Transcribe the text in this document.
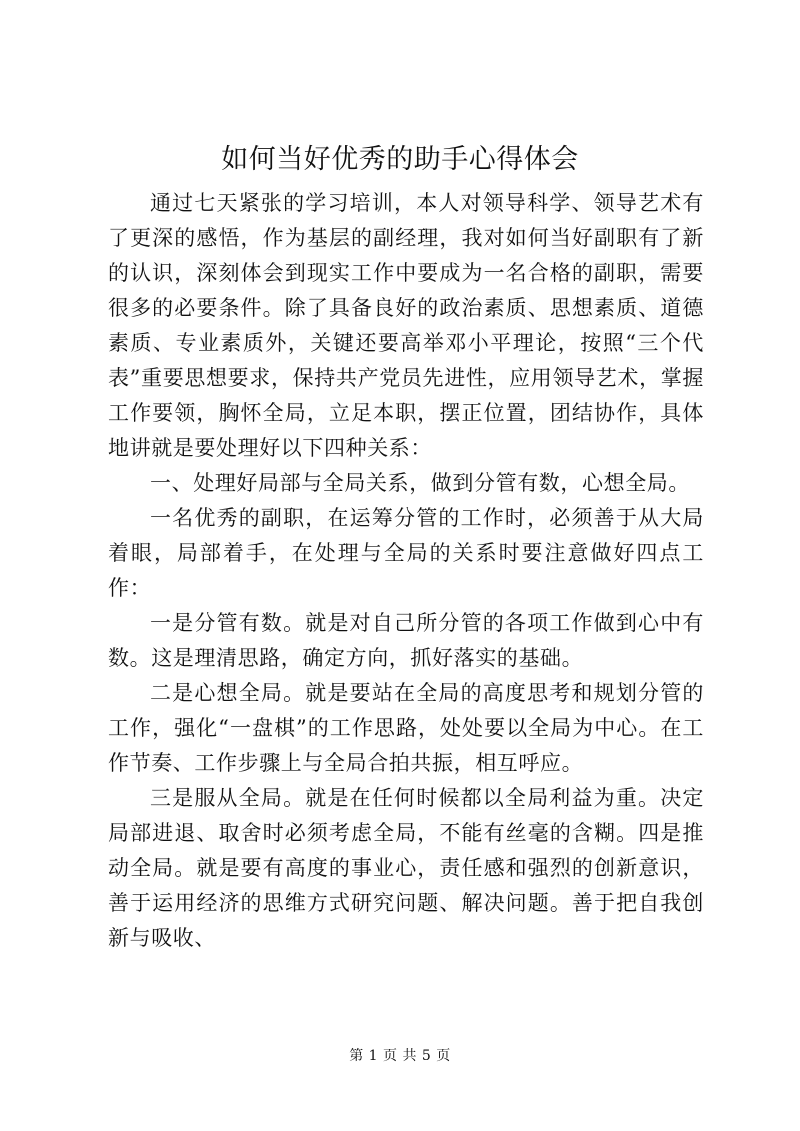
如何当好优秀的助手心得体会

通过七天紧张的学习培训，本人对领导科学、领导艺术有了更深的感悟，作为基层的副经理，我对如何当好副职有了新的认识，深刻体会到现实工作中要成为一名合格的副职，需要很多的必要条件。除了具备良好的政治素质、思想素质、道德素质、专业素质外，关键还要高举邓小平理论，按照“三个代表”重要思想要求，保持共产党员先进性，应用领导艺术，掌握工作要领，胸怀全局，立足本职，摆正位置，团结协作，具体地讲就是要处理好以下四种关系：

一、处理好局部与全局关系，做到分管有数，心想全局。

一名优秀的副职，在运筹分管的工作时，必须善于从大局着眼，局部着手，在处理与全局的关系时要注意做好四点工作：

一是分管有数。就是对自己所分管的各项工作做到心中有数。这是理清思路，确定方向，抓好落实的基础。

二是心想全局。就是要站在全局的高度思考和规划分管的工作，强化“一盘棋”的工作思路，处处要以全局为中心。在工作节奏、工作步骤上与全局合拍共振，相互呼应。

三是服从全局。就是在任何时候都以全局利益为重。决定局部进退、取舍时必须考虑全局，不能有丝毫的含糊。四是推动全局。就是要有高度的事业心，责任感和强烈的创新意识，善于运用经济的思维方式研究问题、解决问题。善于把自我创新与吸收、

第 1 页 共 5 页
